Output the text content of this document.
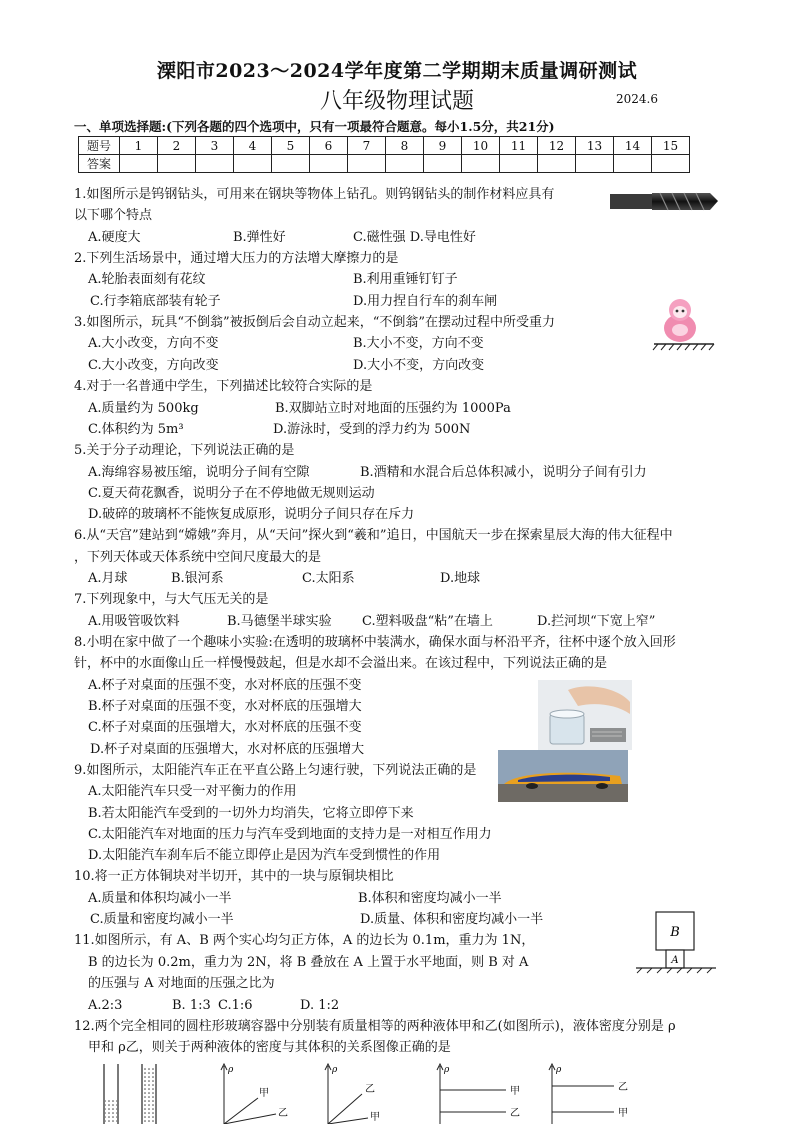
溧阳市2023～2024学年度第二学期期末质量调研测试
八年级物理试题	2024.6
一、单项选择题:(下列各题的四个选项中，只有一项最符合题意。每小1.5分，共21分)
题号	1	2	3	4	5	6	7	8	9	10	11	12	13	14	15
答案															
1.如图所示是钨钢钻头，可用来在钢块等物体上钻孔。则钨钢钻头的制作材料应具有
以下哪个特点
A.硬度大	B.弹性好	C.磁性强 D.导电性好
2.下列生活场景中，通过增大压力的方法增大摩擦力的是
A.轮胎表面刻有花纹	B.利用重锤钉钉子
C.行李箱底部装有轮子	D.用力捏自行车的刹车闸
3.如图所示，玩具“不倒翁”被扳倒后会自动立起来，“不倒翁”在摆动过程中所受重力
A.大小改变，方向不变	B.大小不变，方向不变
C.大小改变，方向改变	D.大小不变，方向改变
4.对于一名普通中学生，下列描述比较符合实际的是
A.质量约为 500kg	B.双脚站立时对地面的压强约为 1000Pa
C.体积约为 5m³	D.游泳时，受到的浮力约为 500N
5.关于分子动理论，下列说法正确的是
A.海绵容易被压缩，说明分子间有空隙	B.酒精和水混合后总体积减小，说明分子间有引力
C.夏天荷花飘香，说明分子在不停地做无规则运动
D.破碎的玻璃杯不能恢复成原形，说明分子间只存在斥力
6.从“天宫”建站到“嫦娥”奔月，从“天问”探火到“羲和”追日，中国航天一步在探索星辰大海的伟大征程中
，下列天体或天体系统中空间尺度最大的是
A.月球	B.银河系	C.太阳系	D.地球
7.下列现象中，与大气压无关的是
A.用吸管吸饮料	B.马德堡半球实验 C.塑料吸盘“粘”在墙上	D.拦河坝“下宽上窄”
8.小明在家中做了一个趣味小实验:在透明的玻璃杯中装满水，确保水面与杯沿平齐，往杯中逐个放入回形
针，杯中的水面像山丘一样慢慢鼓起，但是水却不会溢出来。在该过程中，下列说法正确的是
A.杯子对桌面的压强不变，水对杯底的压强不变
B.杯子对桌面的压强不变，水对杯底的压强增大
C.杯子对桌面的压强增大，水对杯底的压强不变
D.杯子对桌面的压强增大，水对杯底的压强增大
9.如图所示，太阳能汽车正在平直公路上匀速行驶，下列说法正确的是
A.太阳能汽车只受一对平衡力的作用
B.若太阳能汽车受到的一切外力均消失，它将立即停下来
C.太阳能汽车对地面的压力与汽车受到地面的支持力是一对相互作用力
D.太阳能汽车刹车后不能立即停止是因为汽车受到惯性的作用
10.将一正方体铜块对半切开，其中的一块与原铜块相比
A.质量和体积均减小一半	B.体积和密度均减小一半
C.质量和密度均减小一半	D.质量、体积和密度均减小一半
11.如图所示，有 A、B 两个实心均匀正方体，A 的边长为 0.1m，重力为 1N，
B 的边长为 0.2m，重力为 2N，将 B 叠放在 A 上置于水平地面，则 B 对 A
的压强与 A 对地面的压强之比为
A.2:3	B. 1:3 C.1:6	D. 1:2
B
A
12.两个完全相同的圆柱形玻璃容器中分别装有质量相等的两种液体甲和乙(如图所示)，液体密度分别是 ρ
甲和 ρ乙，则关于两种液体的密度与其体积的关系图像正确的是
ρ
甲
乙
ρ
乙
甲
ρ
甲
乙
ρ
乙
甲
